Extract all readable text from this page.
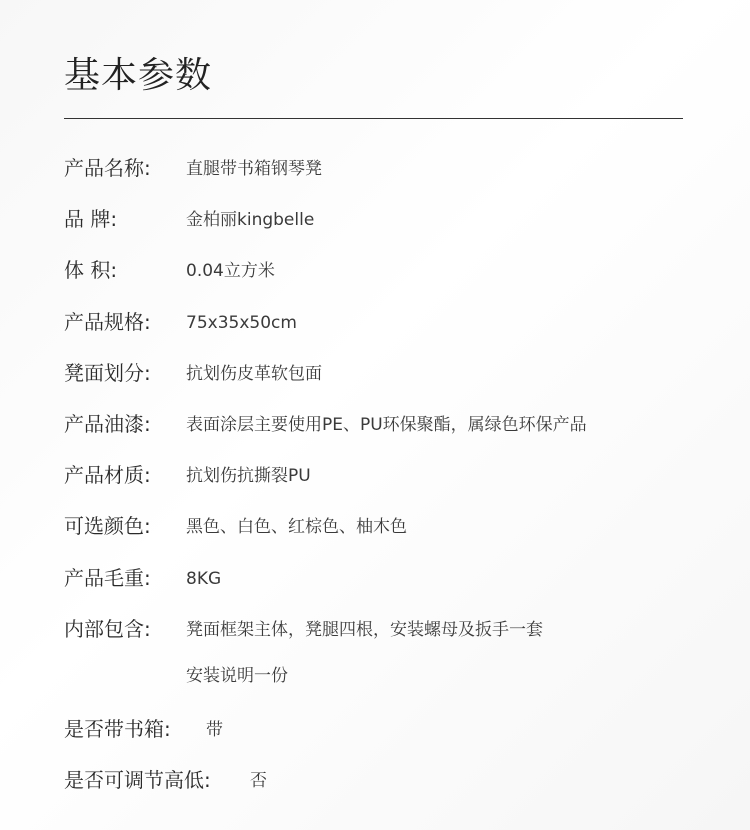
基本参数
产品名称: 直腿带书箱钢琴凳
品 牌:	金柏丽kingbelle
体 积:	0.04立方米
产品规格: 75x35x50cm
凳面划分: 抗划伤皮革软包面
产品油漆: 表面涂层主要使用PE、PU环保聚酯，属绿色环保产品
产品材质: 抗划伤抗撕裂PU
可选颜色: 黑色、白色、红棕色、柚木色
产品毛重: 8KG
内部包含: 凳面框架主体，凳腿四根，安装螺母及扳手一套
安装说明一份
是否带书箱: 带
是否可调节高低: 否
